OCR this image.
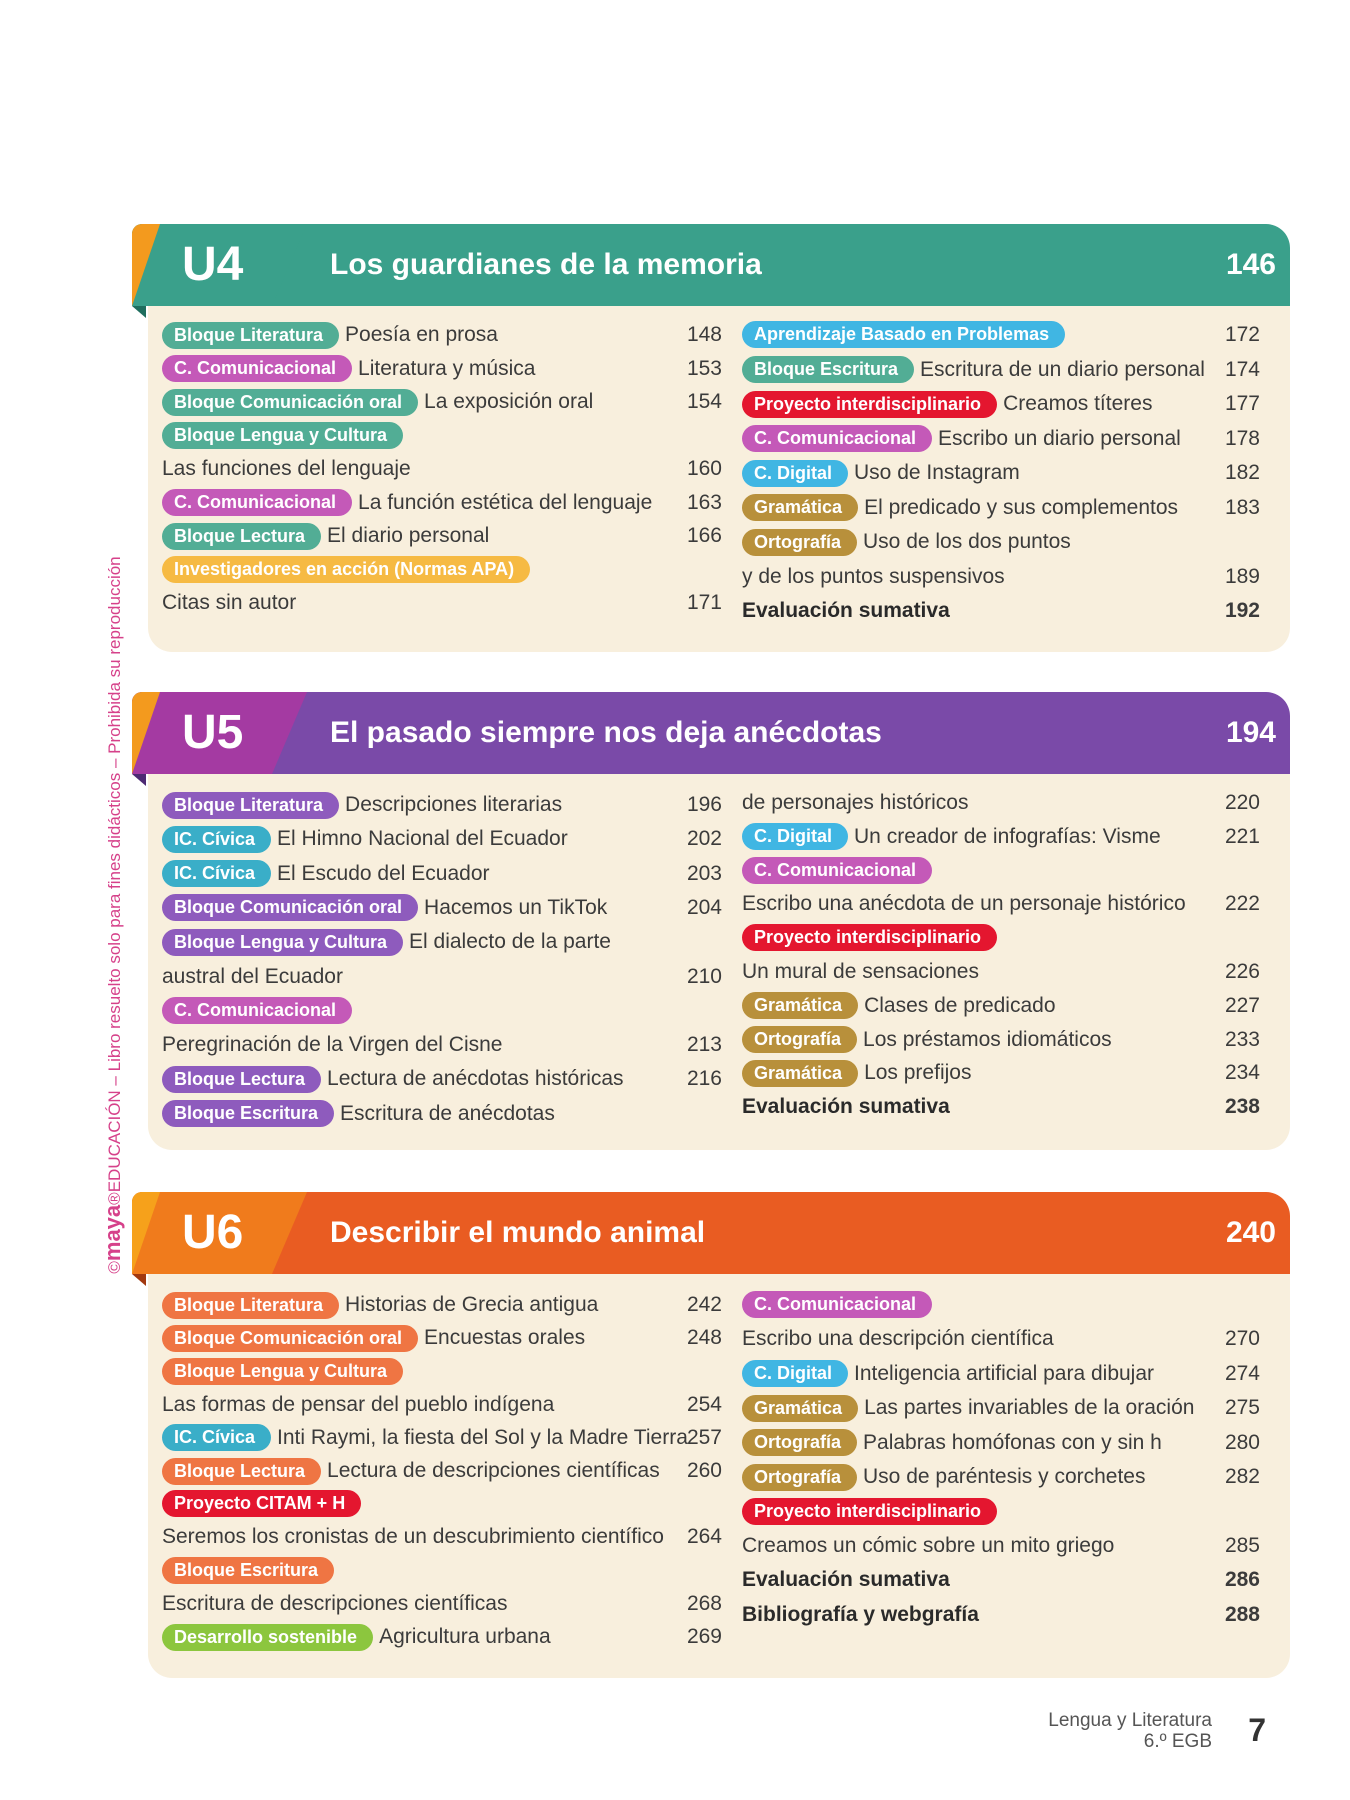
©maya®EDUCACIÓN – Libro resuelto solo para fines didácticos – Prohibida su reproducción
U4	Los guardianes de la memoria	146
Bloque Literatura Poesía en prosa	148
C. Comunicacional Literatura y música	153
Bloque Comunicación oral La exposición oral	154
Bloque Lengua y Cultura
Las funciones del lenguaje	160
C. Comunicacional La función estética del lenguaje 163
Bloque Lectura El diario personal	166
Investigadores en acción (Normas APA)
Citas sin autor	171
Aprendizaje Basado en Problemas	172
Bloque Escritura Escritura de un diario personal 174
Proyecto interdisciplinario Creamos títeres	177
C. Comunicacional Escribo un diario personal 178
C. Digital Uso de Instagram	182
Gramática El predicado y sus complementos 183
Ortografía Uso de los dos puntos
y de los puntos suspensivos	189
Evaluación sumativa	192
U5	El pasado siempre nos deja anécdotas	194
Bloque Literatura Descripciones literarias	196
IC. Cívica El Himno Nacional del Ecuador	202
IC. Cívica El Escudo del Ecuador	203
Bloque Comunicación oral Hacemos un TikTok	204
Bloque Lengua y Cultura El dialecto de la parte
austral del Ecuador	210
C. Comunicacional
Peregrinación de la Virgen del Cisne	213
Bloque Lectura Lectura de anécdotas históricas	216
Bloque Escritura Escritura de anécdotas
de personajes históricos	220
C. Digital Un creador de infografías: Visme	221
C. Comunicacional
Escribo una anécdota de un personaje histórico 222
Proyecto interdisciplinario
Un mural de sensaciones	226
Gramática Clases de predicado	227
Ortografía Los préstamos idiomáticos	233
Gramática Los prefijos	234
Evaluación sumativa	238
U6	Describir el mundo animal	240
Bloque Literatura Historias de Grecia antigua	242
Bloque Comunicación oral Encuestas orales	248
Bloque Lengua y Cultura
Las formas de pensar del pueblo indígena	254
IC. Cívica Inti Raymi, la fiesta del Sol y la Madre Tierra 257
Bloque Lectura Lectura de descripciones científicas 260
Proyecto CITAM + H
Seremos los cronistas de un descubrimiento científico 264
Bloque Escritura
Escritura de descripciones científicas	268
Desarrollo sostenible Agricultura urbana	269
C. Comunicacional
Escribo una descripción científica	270
C. Digital Inteligencia artificial para dibujar	274
Gramática Las partes invariables de la oración 275
Ortografía Palabras homófonas con y sin h	280
Ortografía Uso de paréntesis y corchetes	282
Proyecto interdisciplinario
Creamos un cómic sobre un mito griego	285
Evaluación sumativa	286
Bibliografía y webgrafía	288
Lengua y Literatura
6.º EGB 7
